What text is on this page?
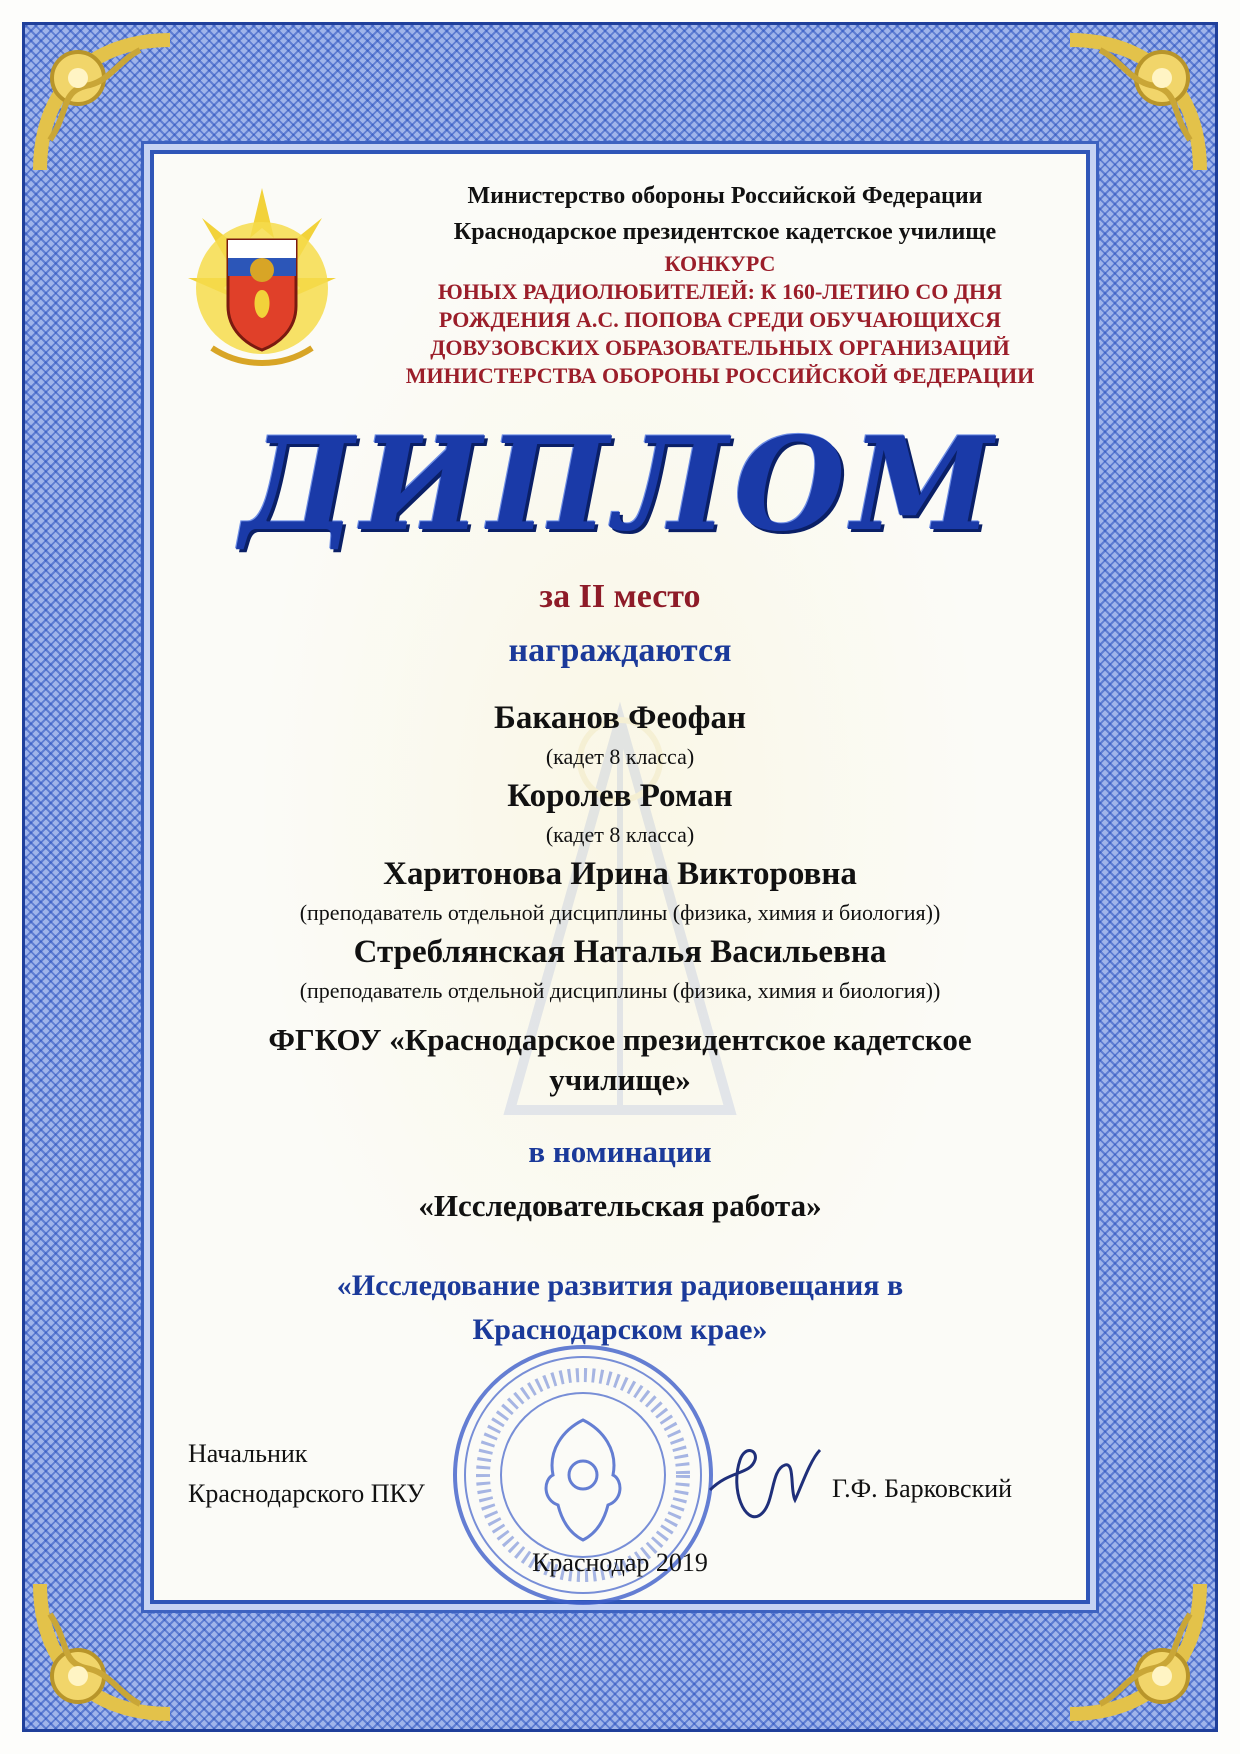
Министерство обороны Российской Федерации
Краснодарское президентское кадетское училище
КОНКУРС
ЮНЫХ РАДИОЛЮБИТЕЛЕЙ: К 160-ЛЕТИЮ СО ДНЯ
РОЖДЕНИЯ А.С. ПОПОВА СРЕДИ ОБУЧАЮЩИХСЯ
ДОВУЗОВСКИХ ОБРАЗОВАТЕЛЬНЫХ ОРГАНИЗАЦИЙ
МИНИСТЕРСТВА ОБОРОНЫ РОССИЙСКОЙ ФЕДЕРАЦИИ
ДИПЛОМ
за II место
награждаются
Баканов Феофан
(кадет 8 класса)
Королев Роман
(кадет 8 класса)
Харитонова Ирина Викторовна
(преподаватель отдельной дисциплины (физика, химия и биология))
Стреблянская Наталья Васильевна
(преподаватель отдельной дисциплины (физика, химия и биология))
ФГКОУ «Краснодарское президентское кадетское
училище»
в номинации
«Исследовательская работа»
«Исследование развития радиовещания в
Краснодарском крае»
Начальник
Краснодарского ПКУ	Г.Ф. Барковский
Краснодар 2019
